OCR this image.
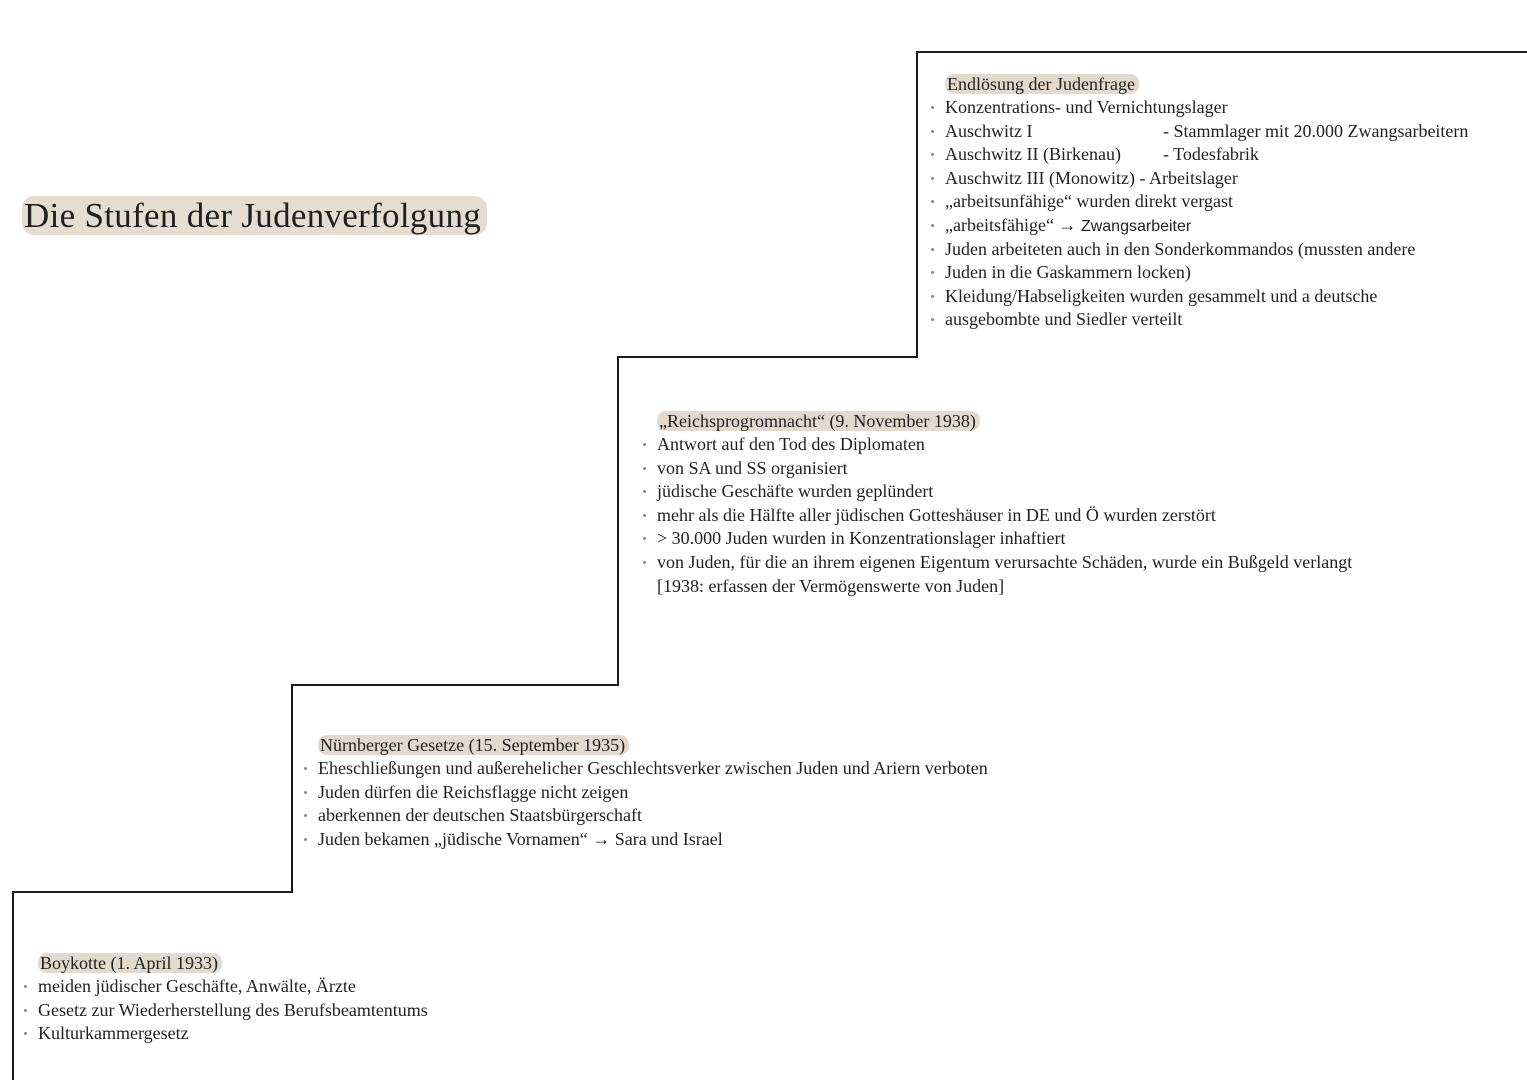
Die Stufen der Judenverfolgung
Boykotte (1. April 1933)
meiden jüdischer Geschäfte, Anwälte, Ärzte
Gesetz zur Wiederherstellung des Berufsbeamtentums
Kulturkammergesetz
Nürnberger Gesetze (15. September 1935)
Eheschließungen und außerehelicher Geschlechtsverker zwischen Juden und Ariern verboten
Juden dürfen die Reichsflagge nicht zeigen
aberkennen der deutschen Staatsbürgerschaft
Juden bekamen „jüdische Vornamen“ → Sara und Israel
„Reichsprogromnacht“ (9. November 1938)
Antwort auf den Tod des Diplomaten
von SA und SS organisiert
jüdische Geschäfte wurden geplündert
mehr als die Hälfte aller jüdischen Gotteshäuser in DE und Ö wurden zerstört
> 30.000 Juden wurden in Konzentrationslager inhaftiert
von Juden, für die an ihrem eigenen Eigentum verursachte Schäden, wurde ein Bußgeld verlangt
[1938: erfassen der Vermögenswerte von Juden]
Endlösung der Judenfrage
Konzentrations- und Vernichtungslager
Auschwitz I	- Stammlager mit 20.000 Zwangsarbeitern
Auschwitz II (Birkenau) - Todesfabrik
Auschwitz III (Monowitz) - Arbeitslager
„arbeitsunfähige“ wurden direkt vergast
„arbeitsfähige“ → Zwangsarbeiter
Juden arbeiteten auch in den Sonderkommandos (mussten andere
Juden in die Gaskammern locken)
Kleidung/Habseligkeiten wurden gesammelt und a deutsche
ausgebombte und Siedler verteilt
